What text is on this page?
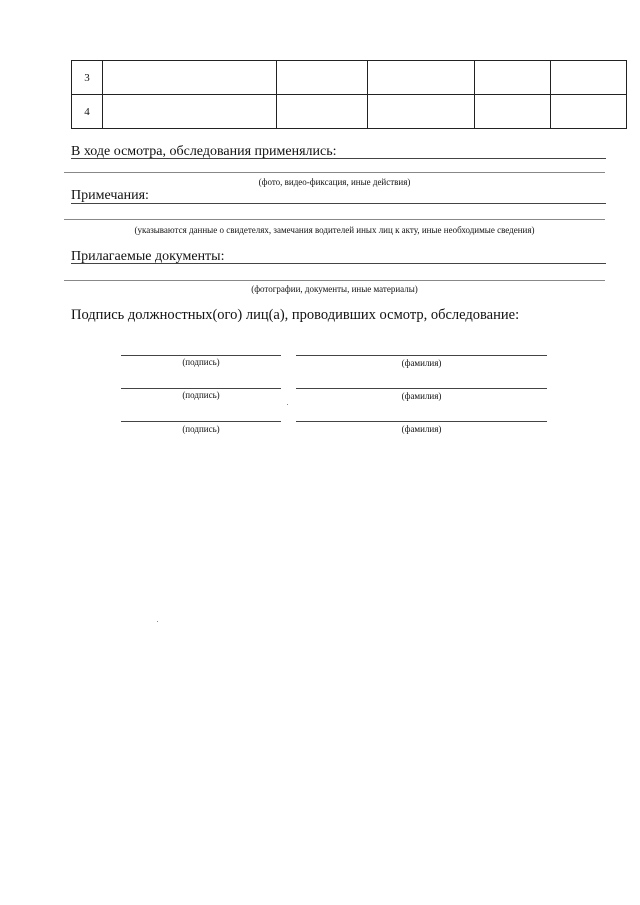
3					
4					
В ходе осмотра, обследования применялись:
(фото, видео-фиксация, иные действия)
Примечания:
(указываются данные о свидетелях, замечания водителей иных лиц к акту, иные необходимые сведения)
Прилагаемые документы:
(фотографии, документы, иные материалы)
Подпись должностных(ого) лиц(а), проводивших осмотр, обследование:
(подпись)	(фамилия)
(подпись)	(фамилия)
(подпись)	(фамилия)
